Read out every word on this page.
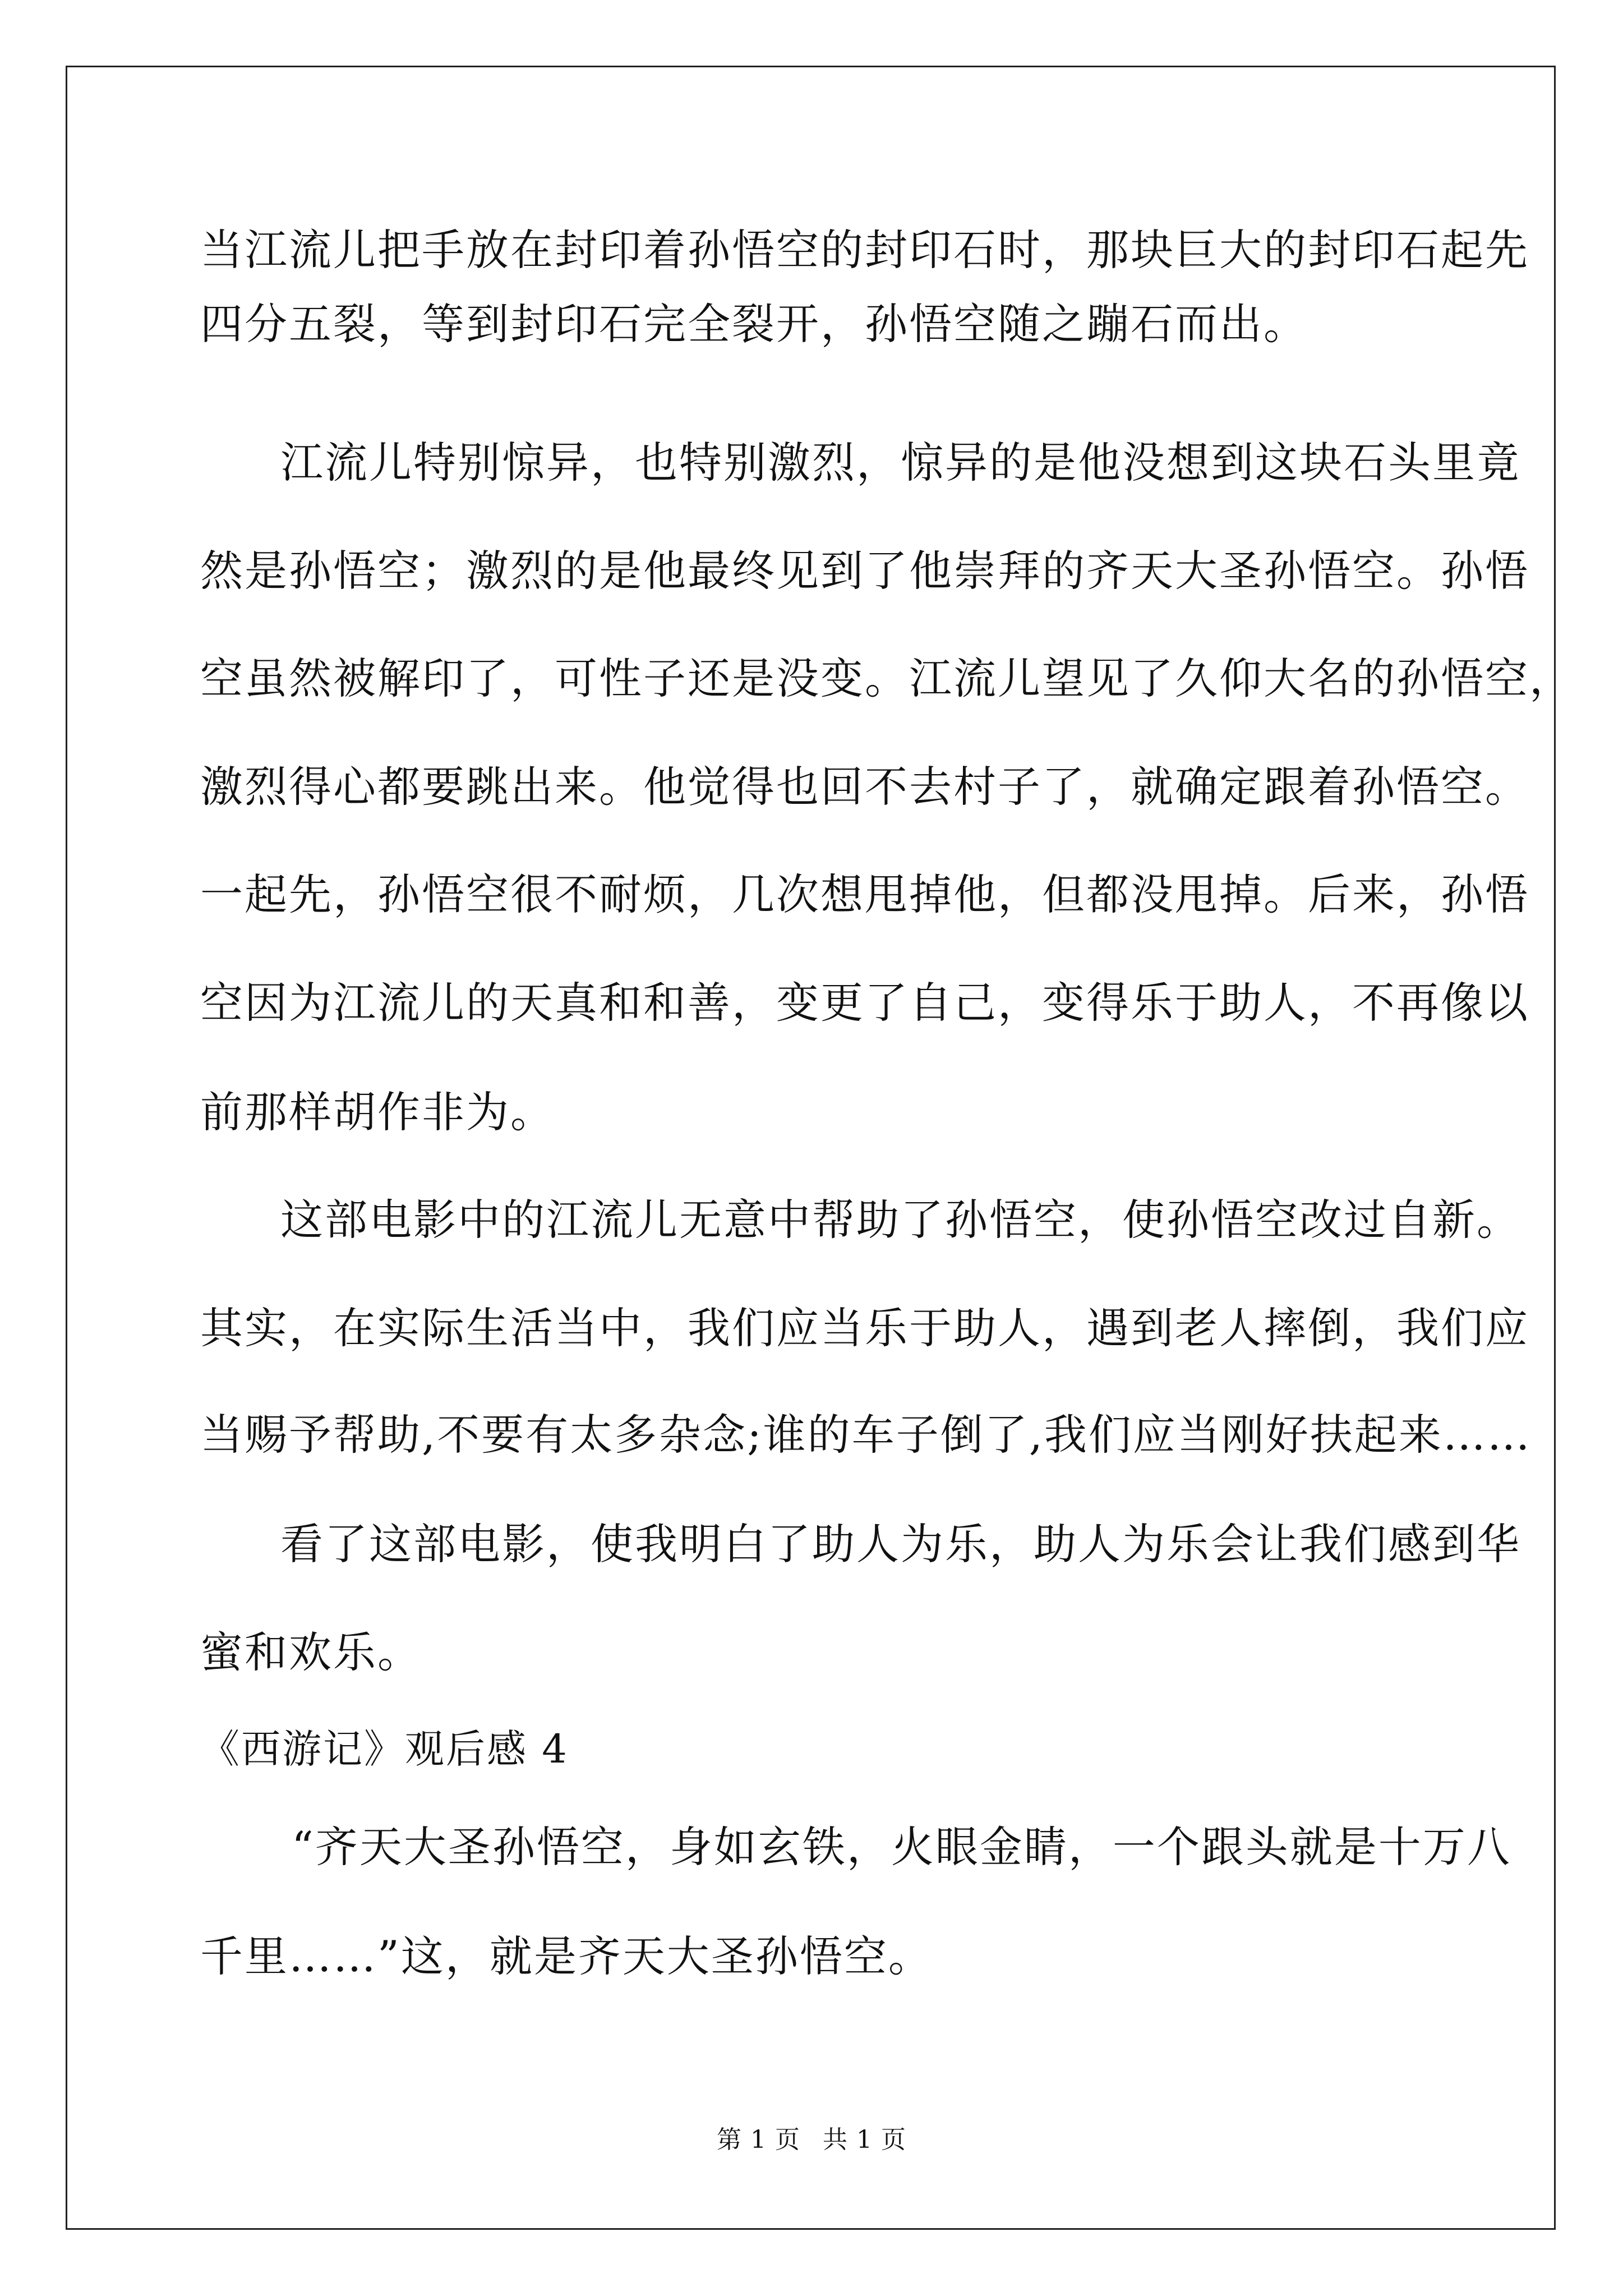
当江流儿把手放在封印着孙悟空的封印石时，那块巨大的封印石起先
四分五裂，等到封印石完全裂开，孙悟空随之蹦石而出。
江流儿特别惊异，也特别激烈，惊异的是他没想到这块石头里竟
然是孙悟空；激烈的是他最终见到了他崇拜的齐天大圣孙悟空。孙悟
空虽然被解印了，可性子还是没变。江流儿望见了久仰大名的孙悟空，
激烈得心都要跳出来。他觉得也回不去村子了，就确定跟着孙悟空。
一起先，孙悟空很不耐烦，几次想甩掉他，但都没甩掉。后来，孙悟
空因为江流儿的天真和和善，变更了自己，变得乐于助人，不再像以
前那样胡作非为。
这部电影中的江流儿无意中帮助了孙悟空，使孙悟空改过自新。
其实，在实际生活当中，我们应当乐于助人，遇到老人摔倒，我们应
当赐予帮助,不要有太多杂念;谁的车子倒了,我们应当刚好扶起来……
看了这部电影，使我明白了助人为乐，助人为乐会让我们感到华
蜜和欢乐。
《西游记》观后感 4
“齐天大圣孙悟空，身如玄铁，火眼金睛，一个跟头就是十万八
千里……”这，就是齐天大圣孙悟空。
第 1 页 共 1 页
